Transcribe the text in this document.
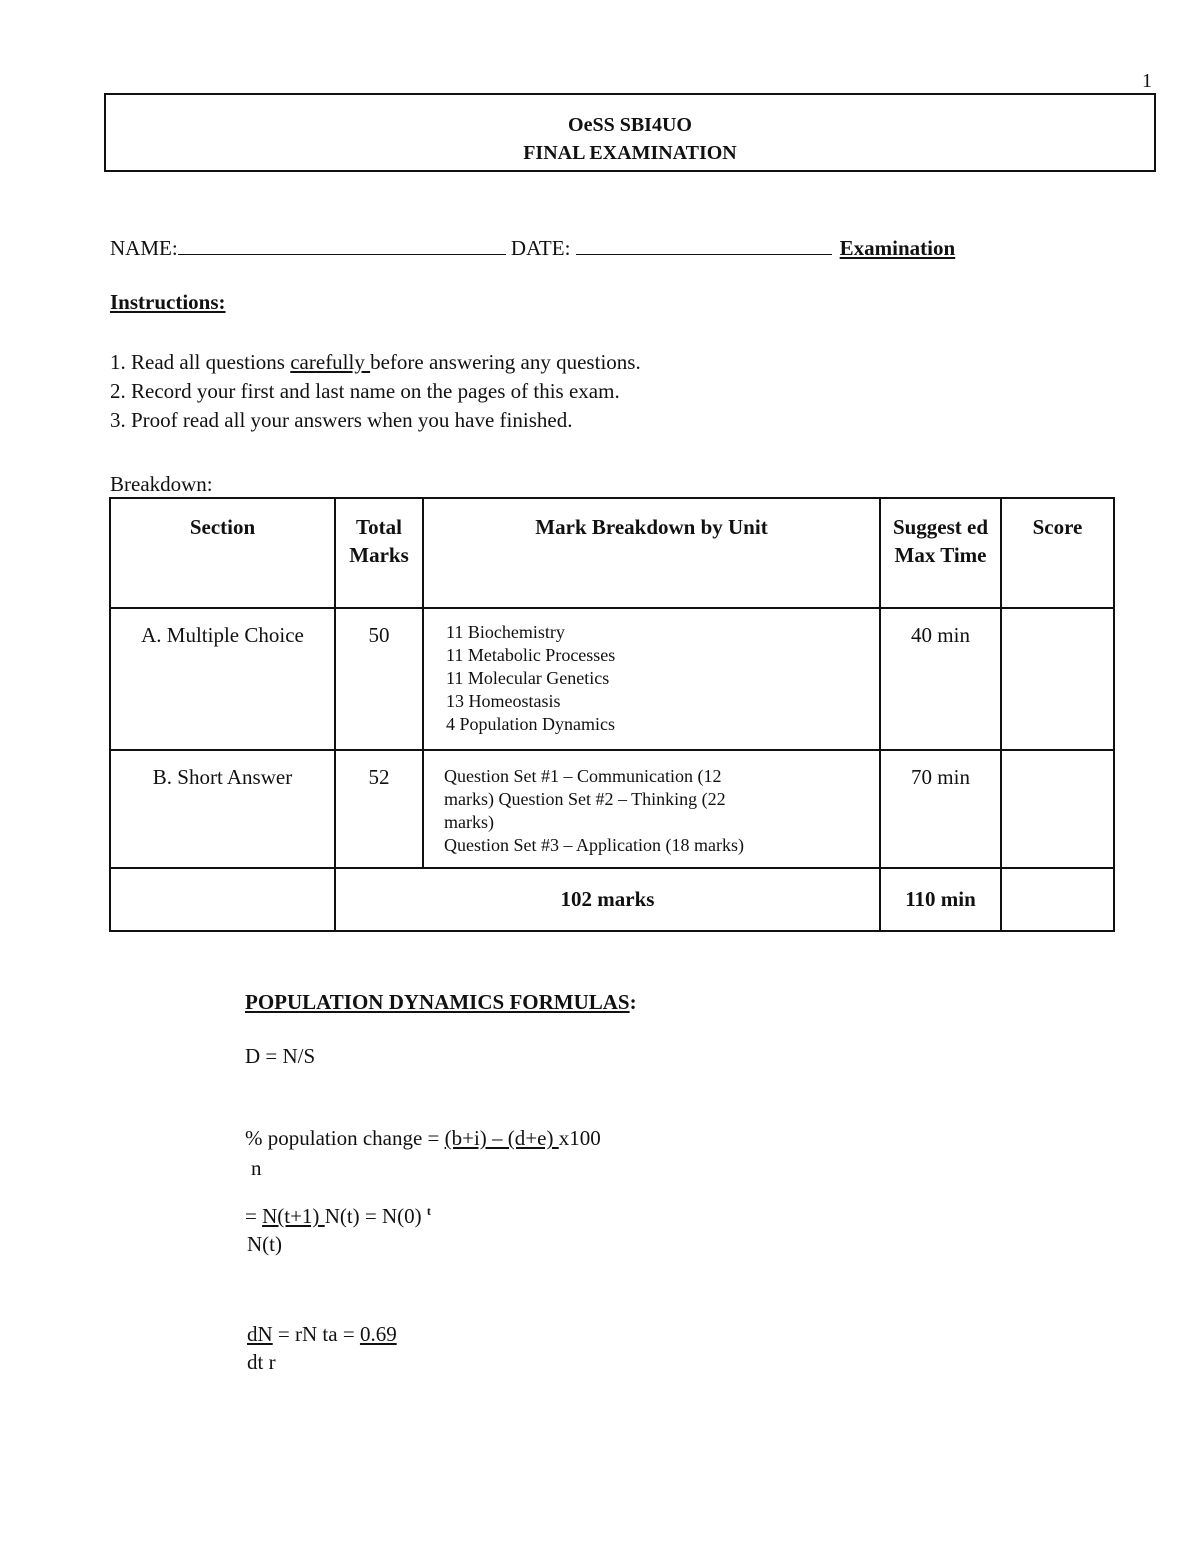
1
OeSS SBI4UO
FINAL EXAMINATION
NAME:	DATE:	Examination
Instructions:
1. Read all questions carefully before answering any questions.
2. Record your first and last name on the pages of this exam.
3. Proof read all your answers when you have finished.
Breakdown:
Section	Total Marks	Mark Breakdown by Unit	Suggest ed Max Time	Score
A. Multiple Choice	50	11 Biochemistry
11 Metabolic Processes
11 Molecular Genetics
13 Homeostasis
4 Population Dynamics	40 min	
B. Short Answer	52	Question Set #1 – Communication (12
marks) Question Set #2 – Thinking (22
marks)
Question Set #3 – Application (18 marks)	70 min	
	102 marks		110 min	
POPULATION DYNAMICS FORMULAS:
D = N/S
% population change = (b+i) – (d+e) x100
n
= N(t+1) N(t) = N(0) $^t$
N(t)
dN = rN ta = 0.69
dt r
